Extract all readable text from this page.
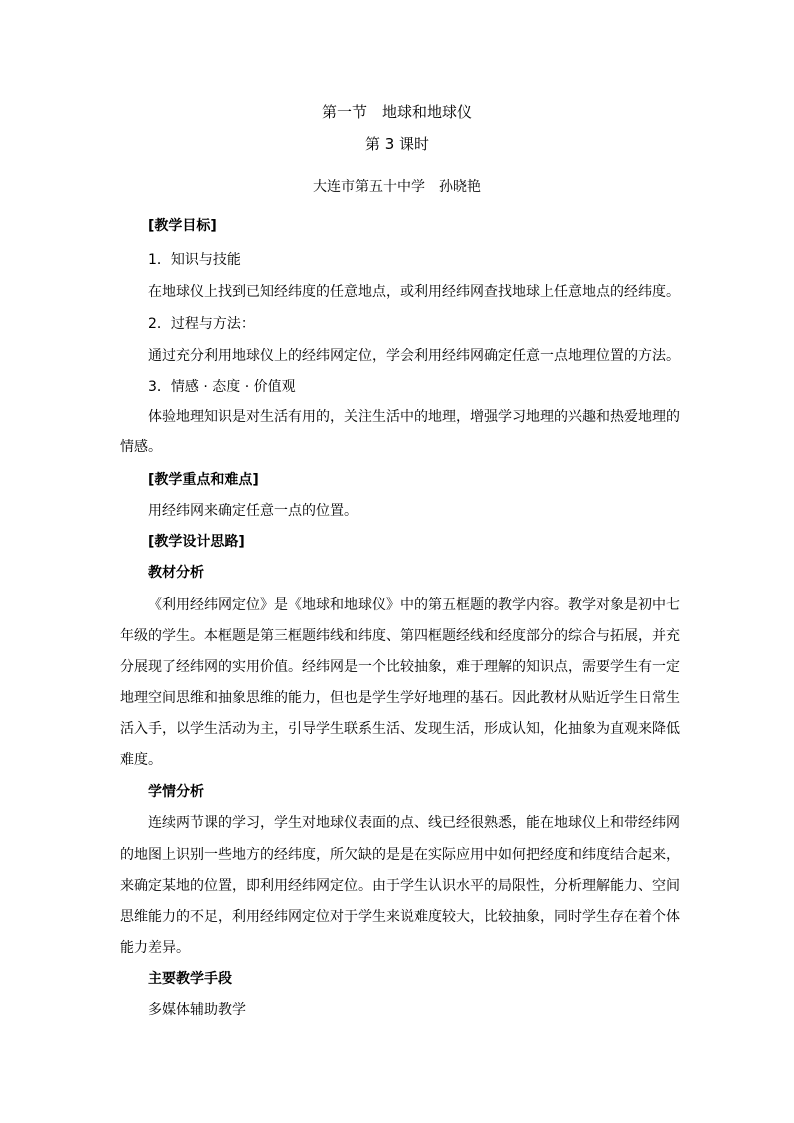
第一节　地球和地球仪
第 3 课时
大连市第五十中学　孙晓艳
[教学目标]
1．知识与技能
在地球仪上找到已知经纬度的任意地点，或利用经纬网查找地球上任意地点的经纬度。
2．过程与方法：
通过充分利用地球仪上的经纬网定位，学会利用经纬网确定任意一点地理位置的方法。
3．情感 · 态度 · 价值观
体验地理知识是对生活有用的，关注生活中的地理，增强学习地理的兴趣和热爱地理的
情感。
[教学重点和难点]
用经纬网来确定任意一点的位置。
[教学设计思路]
教材分析
《利用经纬网定位》是《地球和地球仪》中的第五框题的教学内容。教学对象是初中七
年级的学生。本框题是第三框题纬线和纬度、第四框题经线和经度部分的综合与拓展，并充
分展现了经纬网的实用价值。经纬网是一个比较抽象，难于理解的知识点，需要学生有一定
地理空间思维和抽象思维的能力，但也是学生学好地理的基石。因此教材从贴近学生日常生
活入手，以学生活动为主，引导学生联系生活、发现生活，形成认知，化抽象为直观来降低
难度。
学情分析
连续两节课的学习，学生对地球仪表面的点、线已经很熟悉，能在地球仪上和带经纬网
的地图上识别一些地方的经纬度，所欠缺的是是在实际应用中如何把经度和纬度结合起来，
来确定某地的位置，即利用经纬网定位。由于学生认识水平的局限性，分析理解能力、空间
思维能力的不足，利用经纬网定位对于学生来说难度较大，比较抽象，同时学生存在着个体
能力差异。
主要教学手段
多媒体辅助教学
